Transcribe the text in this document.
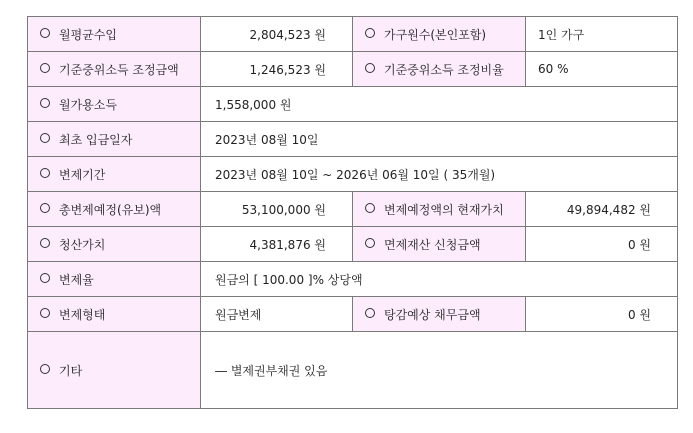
월평균수입	2,804,523 원	가구원수(본인포함)	1인 가구
기준중위소득 조정금액	1,246,523 원	기준중위소득 조정비율	60 %
월가용소득	1,558,000 원		
최초 입금일자	2023년 08월 10일		
변제기간	2023년 08월 10일 ~ 2026년 06월 10일 ( 35개월)		
총변제예정(유보)액	53,100,000 원	변제예정액의 현재가치	49,894,482 원
청산가치	4,381,876 원	면제재산 신청금액	0 원
변제율	원금의 [ 100.00 ]% 상당액		
변제형태	원금변제	탕감예상 채무금액	0 원
기타	― 별제권부채권 있음		
